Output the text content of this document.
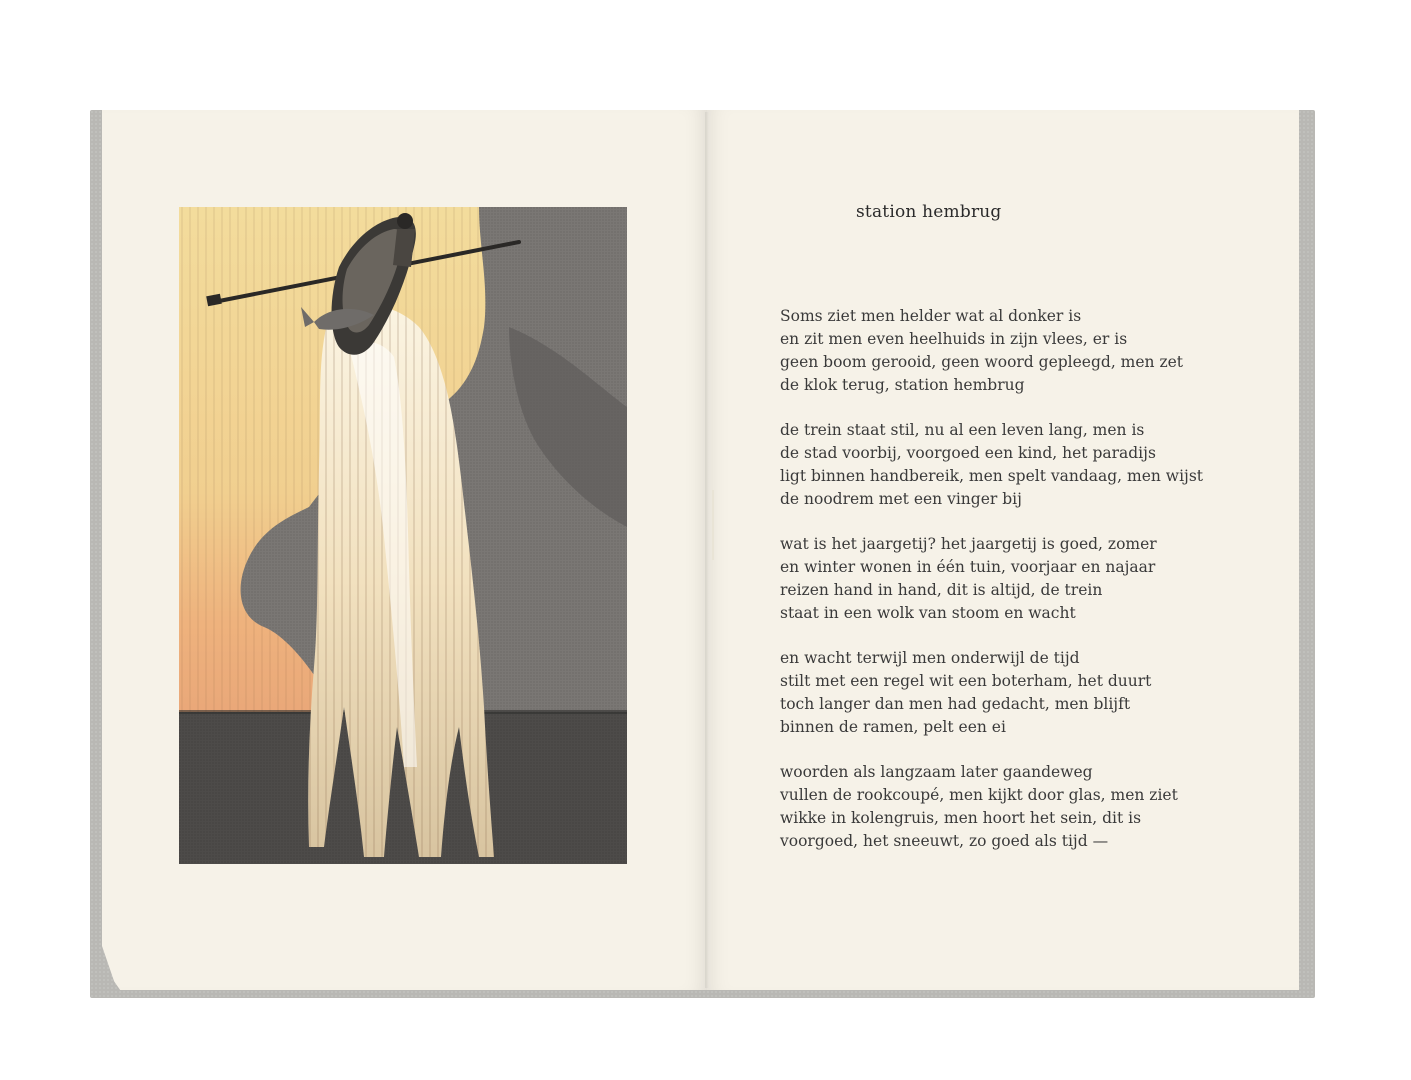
station hembrug
Soms ziet men helder wat al donker is
en zit men even heelhuids in zijn vlees, er is
geen boom gerooid, geen woord gepleegd, men zet
de klok terug, station hembrug
de trein staat stil, nu al een leven lang, men is
de stad voorbij, voorgoed een kind, het paradijs
ligt binnen handbereik, men spelt vandaag, men wijst
de noodrem met een vinger bij
wat is het jaargetij? het jaargetij is goed, zomer
en winter wonen in één tuin, voorjaar en najaar
reizen hand in hand, dit is altijd, de trein
staat in een wolk van stoom en wacht
en wacht terwijl men onderwijl de tijd
stilt met een regel wit een boterham, het duurt
toch langer dan men had gedacht, men blijft
binnen de ramen, pelt een ei
woorden als langzaam later gaandeweg
vullen de rookcoupé, men kijkt door glas, men ziet
wikke in kolengruis, men hoort het sein, dit is
voorgoed, het sneeuwt, zo goed als tijd —
